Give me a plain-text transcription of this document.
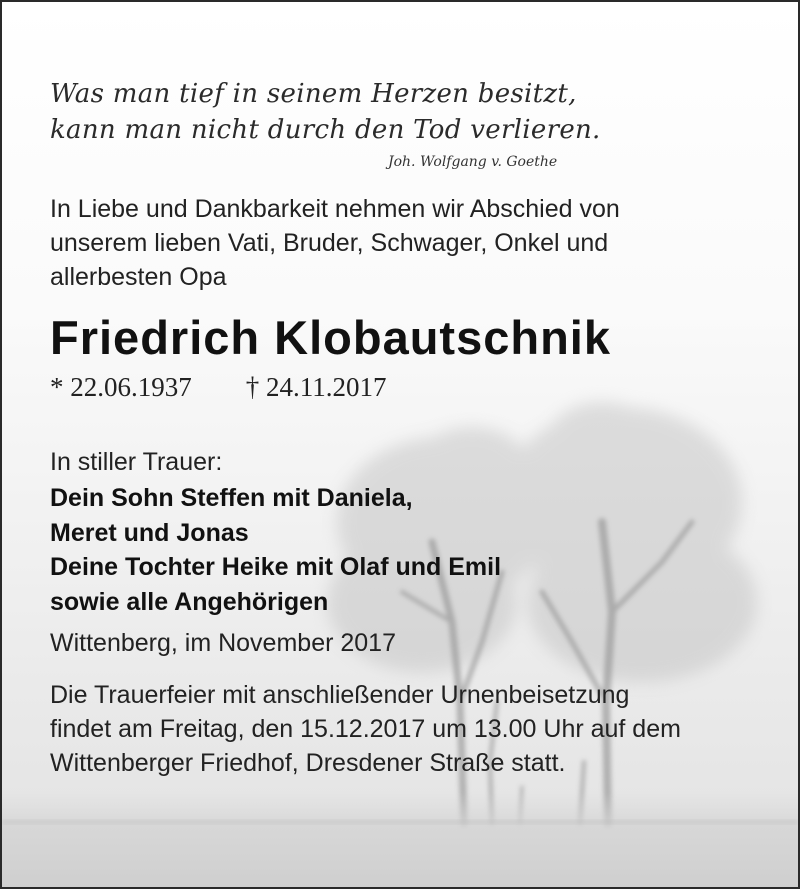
Was man tief in seinem Herzen besitzt,
kann man nicht durch den Tod verlieren.
Joh. Wolfgang v. Goethe
In Liebe und Dankbarkeit nehmen wir Abschied von
unserem lieben Vati, Bruder, Schwager, Onkel und
allerbesten Opa
Friedrich Klobautschnik
* 22.06.1937 † 24.11.2017
In stiller Trauer:
Dein Sohn Steffen mit Daniela,
Meret und Jonas
Deine Tochter Heike mit Olaf und Emil
sowie alle Angehörigen
Wittenberg, im November 2017
Die Trauerfeier mit anschließender Urnenbeisetzung
findet am Freitag, den 15.12.2017 um 13.00 Uhr auf dem
Wittenberger Friedhof, Dresdener Straße statt.
